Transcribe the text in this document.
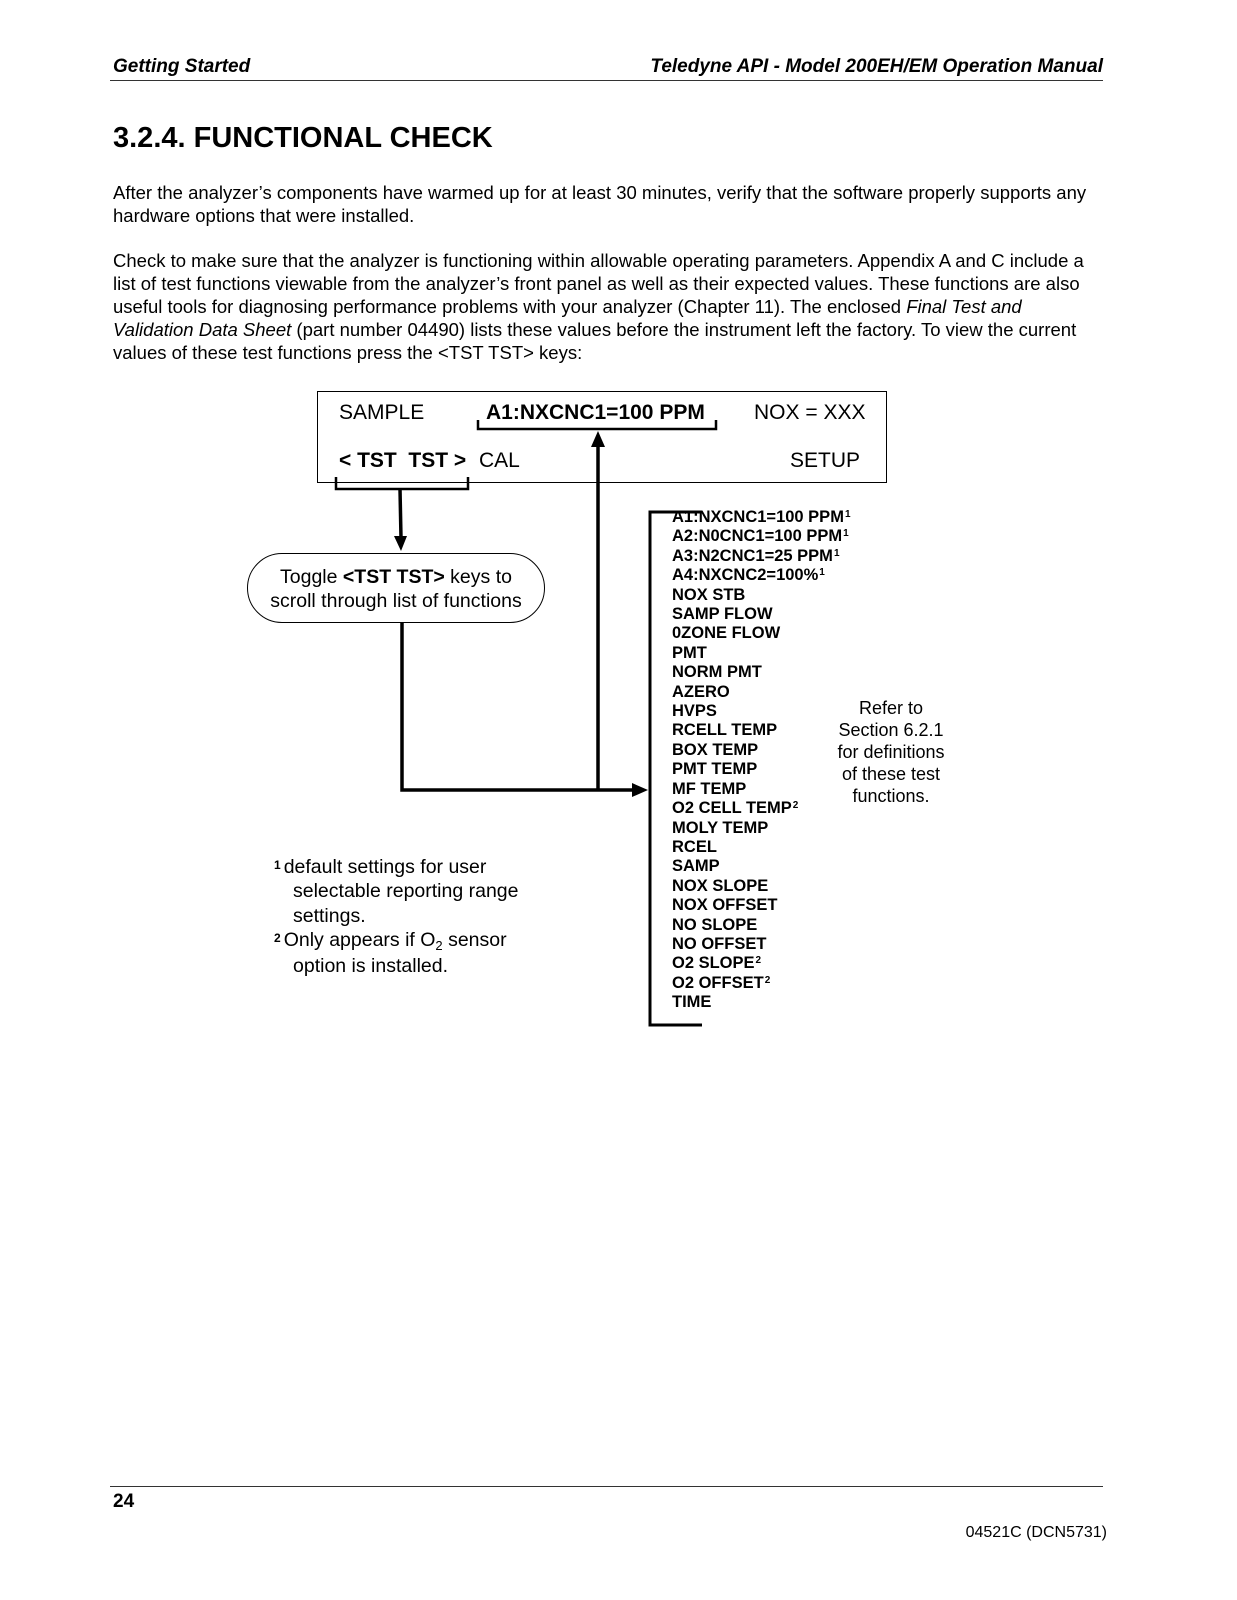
Getting Started	Teledyne API - Model 200EH/EM Operation Manual
3.2.4. FUNCTIONAL CHECK

After the analyzer’s components have warmed up for at least 30 minutes, verify that the software properly supports any hardware options that were installed.

Check to make sure that the analyzer is functioning within allowable operating parameters. Appendix A and C include a list of test functions viewable from the analyzer’s front panel as well as their expected values. These functions are also useful tools for diagnosing performance problems with your analyzer (Chapter 11). The enclosed Final Test and Validation Data Sheet (part number 04490) lists these values before the instrument left the factory. To view the current values of these test functions press the <TST TST> keys:

SAMPLE	A1:NXCNC1=100 PPM NOX = XXX
< TST  TST > CAL	SETUP
Toggle <TST TST> keys to
scroll through list of functions
A1:NXCNC1=100 PPM$^1$
A2:N0CNC1=100 PPM$^1$
A3:N2CNC1=25 PPM$^1$
A4:NXCNC2=100%$^1$
NOX STB
SAMP FLOW
0ZONE FLOW
PMT
NORM PMT
AZERO
HVPS
RCELL TEMP
BOX TEMP
PMT TEMP
MF TEMP
O2 CELL TEMP$^2$
MOLY TEMP
RCEL
SAMP
NOX SLOPE
NOX OFFSET
NO SLOPE
NO OFFSET
O2 SLOPE$^2$
O2 OFFSET$^2$
TIME
Refer to
Section 6.2.1
for definitions
of these test
functions.
$^1$ default settings for user
selectable reporting range
settings.
$^2$ Only appears if $O_2$ sensor
option is installed.
24
04521C (DCN5731)
